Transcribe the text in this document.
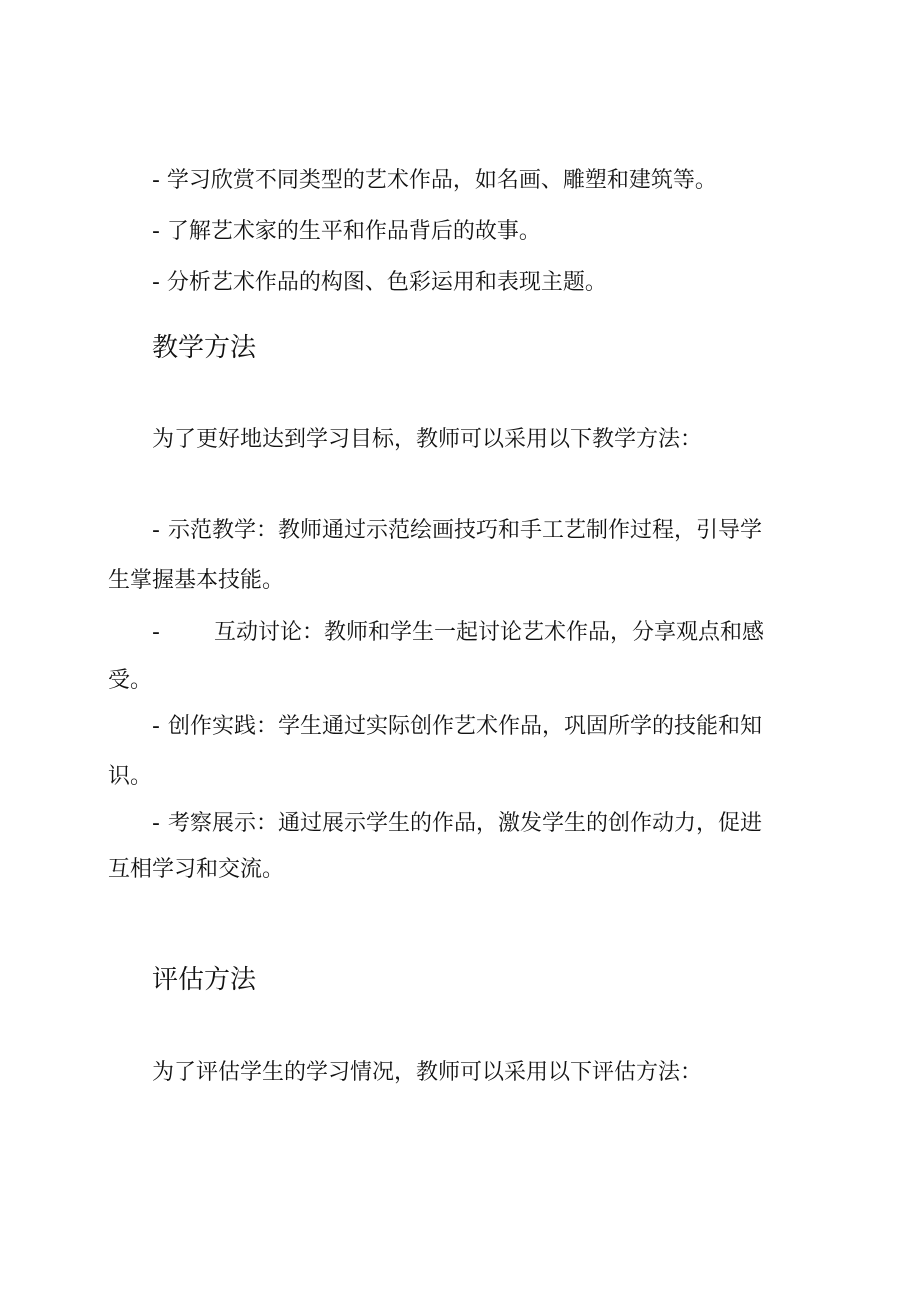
- 学习欣赏不同类型的艺术作品，如名画、雕塑和建筑等。
- 了解艺术家的生平和作品背后的故事。
- 分析艺术作品的构图、色彩运用和表现主题。
教学方法
为了更好地达到学习目标，教师可以采用以下教学方法：
- 示范教学：教师通过示范绘画技巧和手工艺制作过程，引导学
生掌握基本技能。
- 互动讨论：教师和学生一起讨论艺术作品，分享观点和感
受。
- 创作实践：学生通过实际创作艺术作品，巩固所学的技能和知
识。
- 考察展示：通过展示学生的作品，激发学生的创作动力，促进
互相学习和交流。
评估方法
为了评估学生的学习情况，教师可以采用以下评估方法：
